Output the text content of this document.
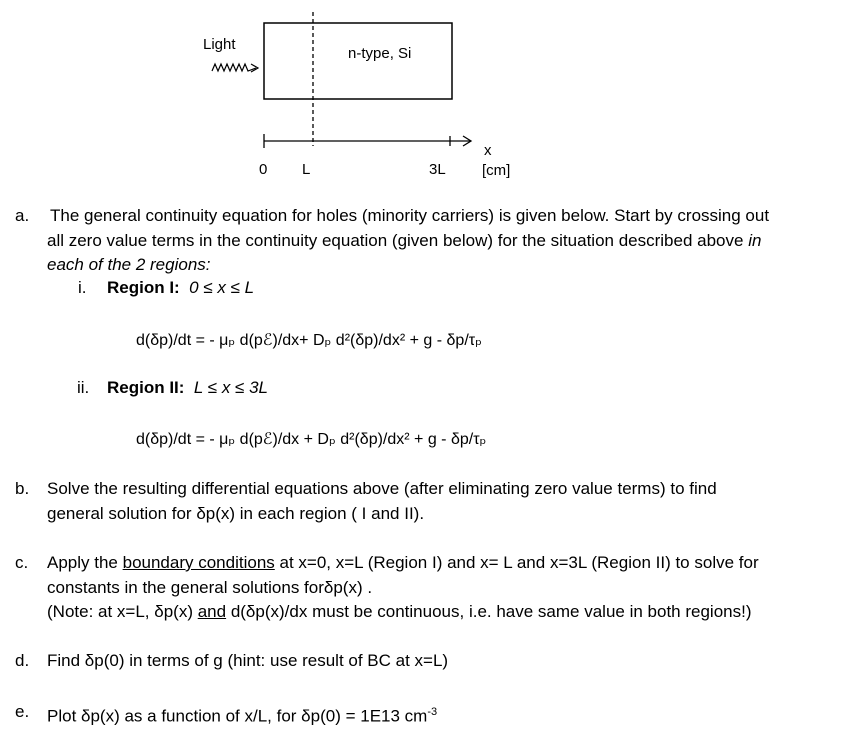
Light
n-type, Si
0 L	3L
x
[cm]
a. The general continuity equation for holes (minority carriers) is given below. Start by crossing out
all zero value terms in the continuity equation (given below) for the situation described above in
each of the 2 regions:
i. Region I: 0 ≤ x ≤ L
d(δp)/dt = - μₚ d(pℰ)/dx+ Dₚ d²(δp)/dx² + g - δp/τₚ
ii. Region II: L ≤ x ≤ 3L
d(δp)/dt = - μₚ d(pℰ)/dx + Dₚ d²(δp)/dx² + g - δp/τₚ
b. Solve the resulting differential equations above (after eliminating zero value terms) to find
general solution for δp(x) in each region ( I and II).
c. Apply the boundary conditions at x=0, x=L (Region I) and x= L and x=3L (Region II) to solve for
constants in the general solutions forδp(x) .
(Note: at x=L, δp(x) and d(δp(x)/dx must be continuous, i.e. have same value in both regions!)
d. Find δp(0) in terms of g (hint: use result of BC at x=L)
e. Plot δp(x) as a function of x/L, for δp(0) = 1E13 $cm^{-3}$
